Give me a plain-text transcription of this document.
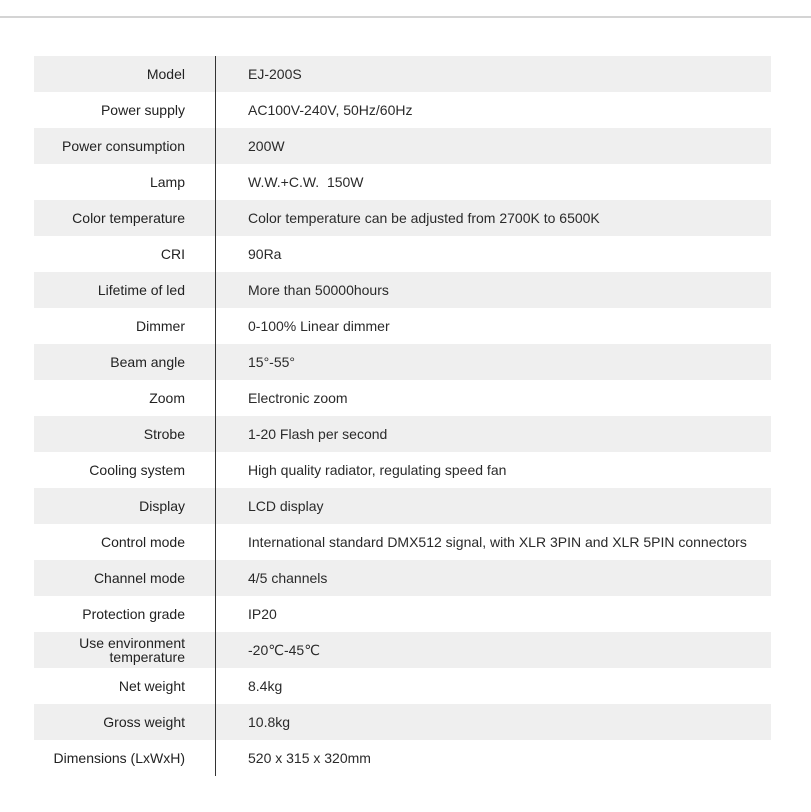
Model	EJ-200S
Power supply	AC100V-240V, 50Hz/60Hz
Power consumption	200W
Lamp	W.W.+C.W.  150W
Color temperature	Color temperature can be adjusted from 2700K to 6500K
CRI	90Ra
Lifetime of led	More than 50000hours
Dimmer	0-100% Linear dimmer
Beam angle	15°-55°
Zoom	Electronic zoom
Strobe	1-20 Flash per second
Cooling system	High quality radiator, regulating speed fan
Display	LCD display
Control mode	International standard DMX512 signal, with XLR 3PIN and XLR 5PIN connectors
Channel mode	4/5 channels
Protection grade	IP20
Use environment temperature	-20℃-45℃
Net weight	8.4kg
Gross weight	10.8kg
Dimensions (LxWxH)	520 x 315 x 320mm
